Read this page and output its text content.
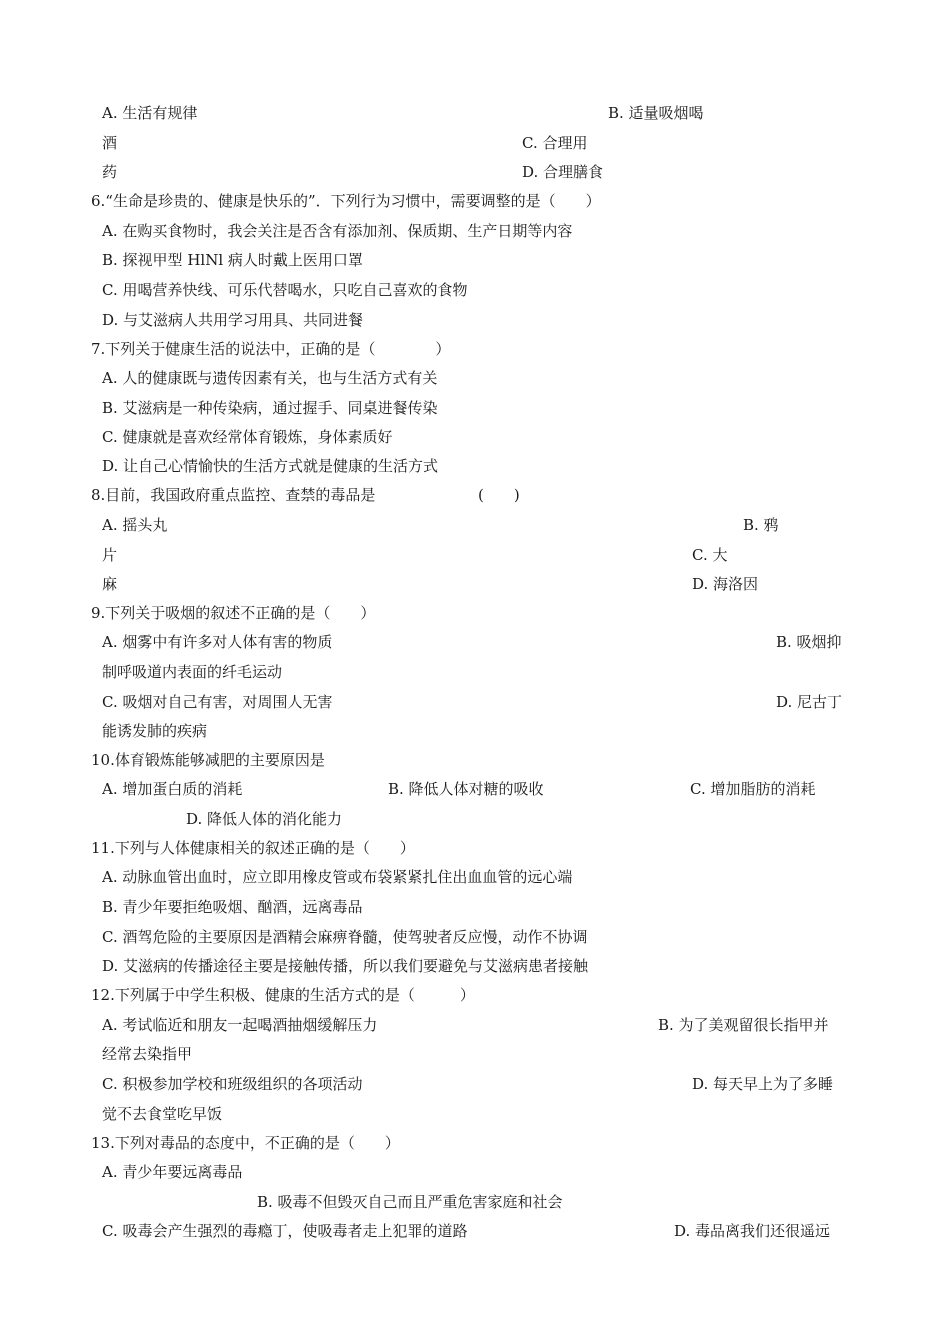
A. 生活有规律	B. 适量吸烟喝
酒	C. 合理用
药	D. 合理膳食
6.“生命是珍贵的、健康是快乐的”．下列行为习惯中，需要调整的是（　　）
A. 在购买食物时，我会关注是否含有添加剂、保质期、生产日期等内容
B. 探视甲型 HlNl 病人时戴上医用口罩
C. 用喝营养快线、可乐代替喝水，只吃自己喜欢的食物
D. 与艾滋病人共用学习用具、共同进餐
7.下列关于健康生活的说法中，正确的是（　　　　）
A. 人的健康既与遗传因素有关，也与生活方式有关
B. 艾滋病是一种传染病，通过握手、同桌进餐传染
C. 健康就是喜欢经常体育锻炼，身体素质好
D. 让自己心情愉快的生活方式就是健康的生活方式
8.目前，我国政府重点监控、查禁的毒品是	(　　)
A. 摇头丸	B. 鸦
片	C. 大
麻	D. 海洛因
9.下列关于吸烟的叙述不正确的是（　　）
A. 烟雾中有许多对人体有害的物质	B. 吸烟抑
制呼吸道内表面的纤毛运动
C. 吸烟对自己有害，对周围人无害	D. 尼古丁
能诱发肺的疾病
10.体育锻炼能够减肥的主要原因是
A. 增加蛋白质的消耗	B. 降低人体对糖的吸收	C. 增加脂肪的消耗
D. 降低人体的消化能力
11.下列与人体健康相关的叙述正确的是（　　）
A. 动脉血管出血时，应立即用橡皮管或布袋紧紧扎住出血血管的远心端
B. 青少年要拒绝吸烟、酗酒，远离毒品
C. 酒驾危险的主要原因是酒精会麻痹脊髓，使驾驶者反应慢，动作不协调
D. 艾滋病的传播途径主要是接触传播，所以我们要避免与艾滋病患者接触
12.下列属于中学生积极、健康的生活方式的是（　　　）
A. 考试临近和朋友一起喝酒抽烟缓解压力	B. 为了美观留很长指甲并
经常去染指甲
C. 积极参加学校和班级组织的各项活动	D. 每天早上为了多睡
觉不去食堂吃早饭
13.下列对毒品的态度中，不正确的是（　　）
A. 青少年要远离毒品
B. 吸毒不但毁灭自己而且严重危害家庭和社会
C. 吸毒会产生强烈的毒瘾丁，使吸毒者走上犯罪的道路	D. 毒品离我们还很遥远
